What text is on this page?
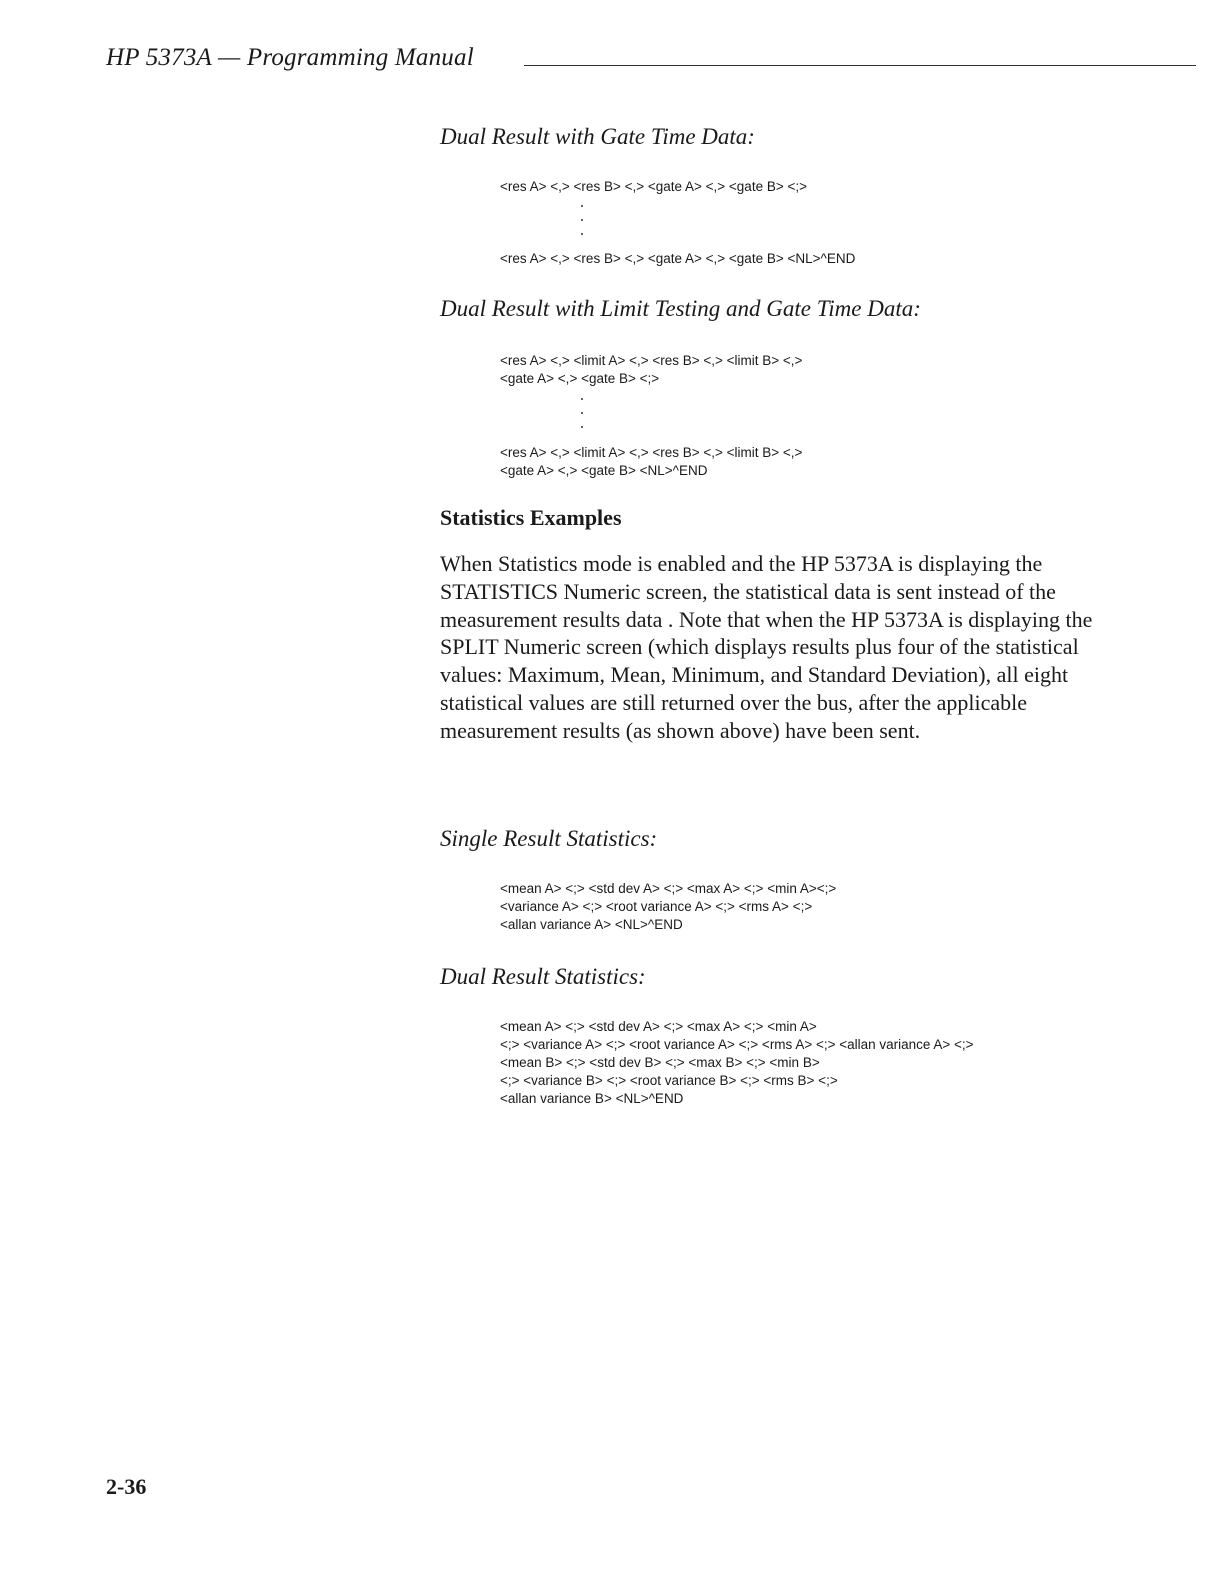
HP 5373A — Programming Manual
Dual Result with Gate Time Data:
<res A> <,> <res B> <,> <gate A> <,> <gate B> <;>
<res A> <,> <res B> <,> <gate A> <,> <gate B> <NL>^END
Dual Result with Limit Testing and Gate Time Data:
<res A> <,> <limit A> <,> <res B> <,> <limit B> <,>
<gate A> <,> <gate B> <;>
<res A> <,> <limit A> <,> <res B> <,> <limit B> <,>
<gate A> <,> <gate B> <NL>^END
Statistics Examples

When Statistics mode is enabled and the HP 5373A is displaying the STATISTICS Numeric screen, the statistical data is sent instead of the measurement results data . Note that when the HP 5373A is displaying the SPLIT Numeric screen (which displays results plus four of the statistical values: Maximum, Mean, Minimum, and Standard Deviation), all eight statistical values are still returned over the bus, after the applicable measurement results (as shown above) have been sent.

Single Result Statistics:
<mean A> <;> <std dev A> <;> <max A> <;> <min A><;>
<variance A> <;> <root variance A> <;> <rms A> <;>
<allan variance A> <NL>^END
Dual Result Statistics:
<mean A> <;> <std dev A> <;> <max A> <;> <min A>
<;> <variance A> <;> <root variance A> <;> <rms A> <;> <allan variance A> <;>
<mean B> <;> <std dev B> <;> <max B> <;> <min B>
<;> <variance B> <;> <root variance B> <;> <rms B> <;>
<allan variance B> <NL>^END
2-36
